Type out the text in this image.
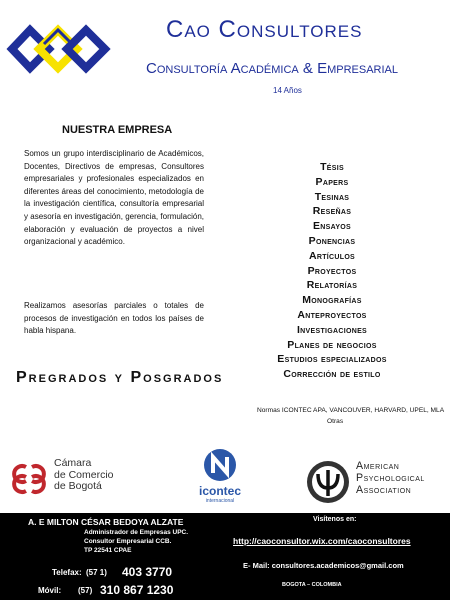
Cao Consultores
Consultoría Académica & Empresarial
14 Años
NUESTRA EMPRESA
Somos un grupo interdisciplinario de Académicos, Docentes, Directivos de empresas, Consultores empresariales y profesionales especializados en diferentes áreas del conocimiento, metodología de la investigación científica, consultoría empresarial y asesoría en investigación, gerencia, formulación, elaboración y evaluación de proyectos a nivel organizacional y académico.
Realizamos asesorías parciales o totales de procesos de investigación en todos los países de habla hispana.
Tésis
Papers
Tesinas
Reseñas
Ensayos
Ponencias
Artículos
Proyectos
Relatorías
Monografías
Anteproyectos
Investigaciones
Planes de negocios
Estudios especializados
Corrección de estilo
Pregrados y Posgrados
Normas ICONTEC APA, VANCOUVER, HARVARD, UPEL, MLA
Otras
Cámara
de Comercio
de Bogotá	icontec
internacional
American
Psychological
Association
A. E MILTON CÉSAR BEDOYA ALZATE
Administrador de Empresas UPC.
Consultor Empresarial CCB.
TP 22541 CPAE
Telefax: (57 1) 403 3770
Móvil: (57) 310 867 1230
Visítenos en:
http://caoconsultor.wix.com/caoconsultores
E- Mail: consultores.academicos@gmail.com
BOGOTA – COLOMBIA
